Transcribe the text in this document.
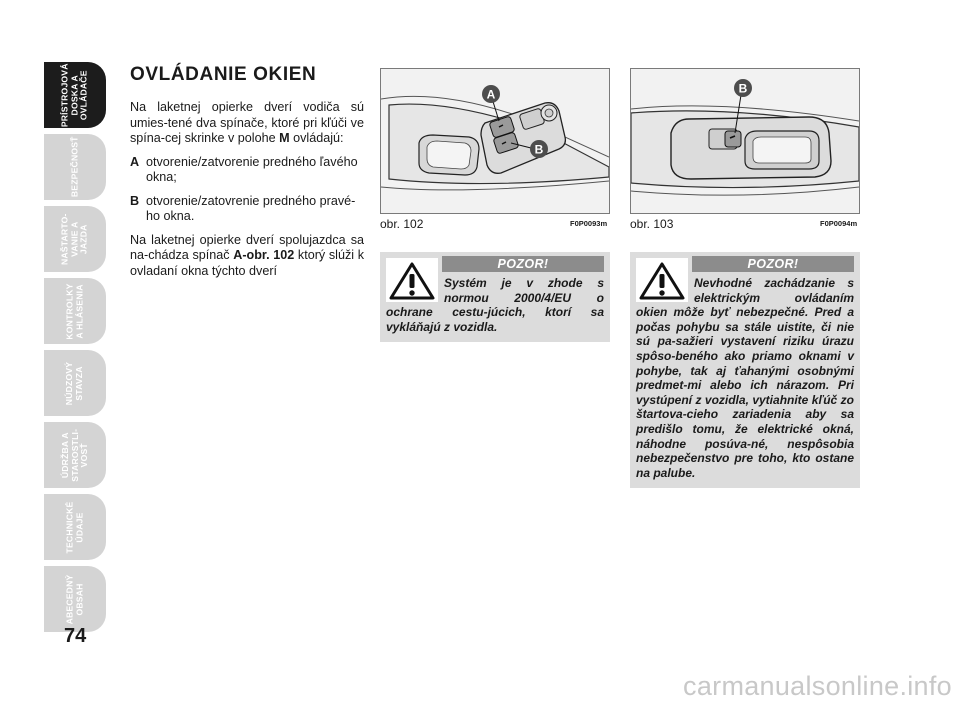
PRÍSTROJOVÁ
DOSKA A
OVLÁDAČE
BEZPEČNOSŤ
NAŠTARTO-
VANIE A
JAZDA
KONTROLKY
A HLÁSENIA
NÚDZOVÝ
STAVZA
ÚDRŽBA A
STAROSTLI-
VOSŤ
TECHNICKÉ
ÚDAJE
ABECEDNÝ
OBSAH
74
OVLÁDANIE OKIEN

Na laketnej opierke dverí vodiča sú umies-tené dva spínače, ktoré pri kľúči ve spína-cej skrinke v polohe M ovládajú:

A otvorenie/zatvorenie predného ľavého okna;
B otvorenie/zatovrenie predného pravé-ho okna.

Na laketnej opierke dverí spolujazdca sa na-chádza spínač A-obr. 102 ktorý slúži k ovladaní okna týchto dverí

A
B
obr. 102	F0P0093m
B
obr. 103	F0P0094m
POZOR!
Systém je v zhode s normou 2000/4/EU o ochrane cestu-júcich, ktorí sa vykláňajú z vozidla.
POZOR!
Nevhodné zachádzanie s elektrickým ovládaním okien môže byť nebezpečné. Pred a počas pohybu sa stále uistite, či nie sú pa-sažieri vystavení riziku úrazu spôso-beného ako priamo oknami v pohybe, tak aj ťahanými osobnými predmet-mi alebo ich nárazom. Pri vystúpení z vozidla, vytiahnite kľúč zo štartova-cieho zariadenia aby sa predišlo tomu, že elektrické okná, náhodne posúva-né, nespôsobia nebezpečenstvo pre toho, kto ostane na palube.
carmanualsonline.info
